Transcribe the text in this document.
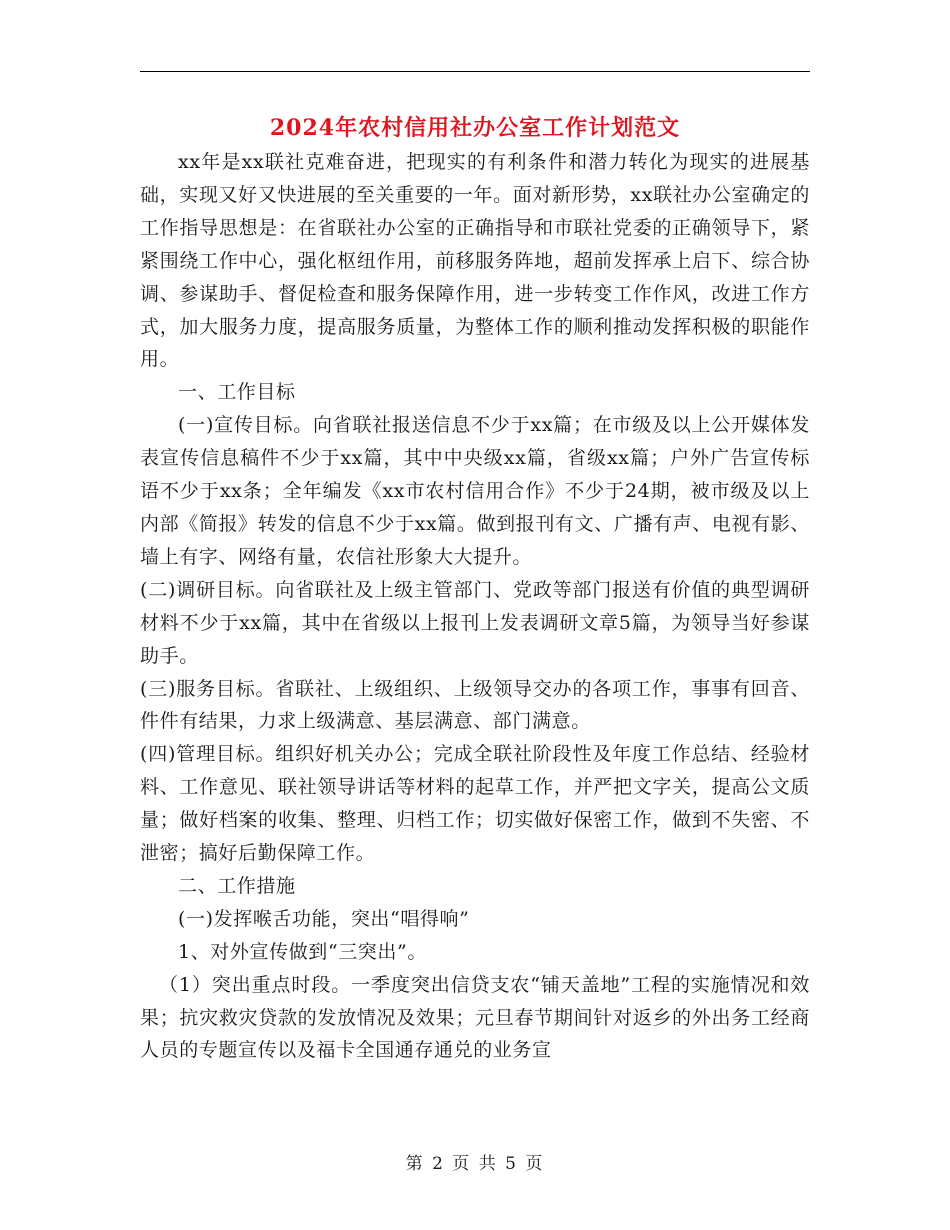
2024年农村信用社办公室工作计划范文

xx年是xx联社克难奋进，把现实的有利条件和潜力转化为现实的进展基础，实现又好又快进展的至关重要的一年。面对新形势，xx联社办公室确定的工作指导思想是：在省联社办公室的正确指导和市联社党委的正确领导下，紧紧围绕工作中心，强化枢纽作用，前移服务阵地，超前发挥承上启下、综合协调、参谋助手、督促检查和服务保障作用，进一步转变工作作风，改进工作方式，加大服务力度，提高服务质量，为整体工作的顺利推动发挥积极的职能作用。

一、工作目标

(一)宣传目标。向省联社报送信息不少于xx篇；在市级及以上公开媒体发表宣传信息稿件不少于xx篇，其中中央级xx篇，省级xx篇；户外广告宣传标语不少于xx条；全年编发《xx市农村信用合作》不少于24期，被市级及以上内部《简报》转发的信息不少于xx篇。做到报刊有文、广播有声、电视有影、墙上有字、网络有量，农信社形象大大提升。

(二)调研目标。向省联社及上级主管部门、党政等部门报送有价值的典型调研材料不少于xx篇，其中在省级以上报刊上发表调研文章5篇，为领导当好参谋助手。

(三)服务目标。省联社、上级组织、上级领导交办的各项工作，事事有回音、件件有结果，力求上级满意、基层满意、部门满意。

(四)管理目标。组织好机关办公；完成全联社阶段性及年度工作总结、经验材料、工作意见、联社领导讲话等材料的起草工作，并严把文字关，提高公文质量；做好档案的收集、整理、归档工作；切实做好保密工作，做到不失密、不泄密；搞好后勤保障工作。

二、工作措施

(一)发挥喉舌功能，突出“唱得响”

1、对外宣传做到“三突出”。

（1）突出重点时段。一季度突出信贷支农“铺天盖地”工程的实施情况和效果；抗灾救灾贷款的发放情况及效果；元旦春节期间针对返乡的外出务工经商人员的专题宣传以及福卡全国通存通兑的业务宣

第 2 页 共 5 页
